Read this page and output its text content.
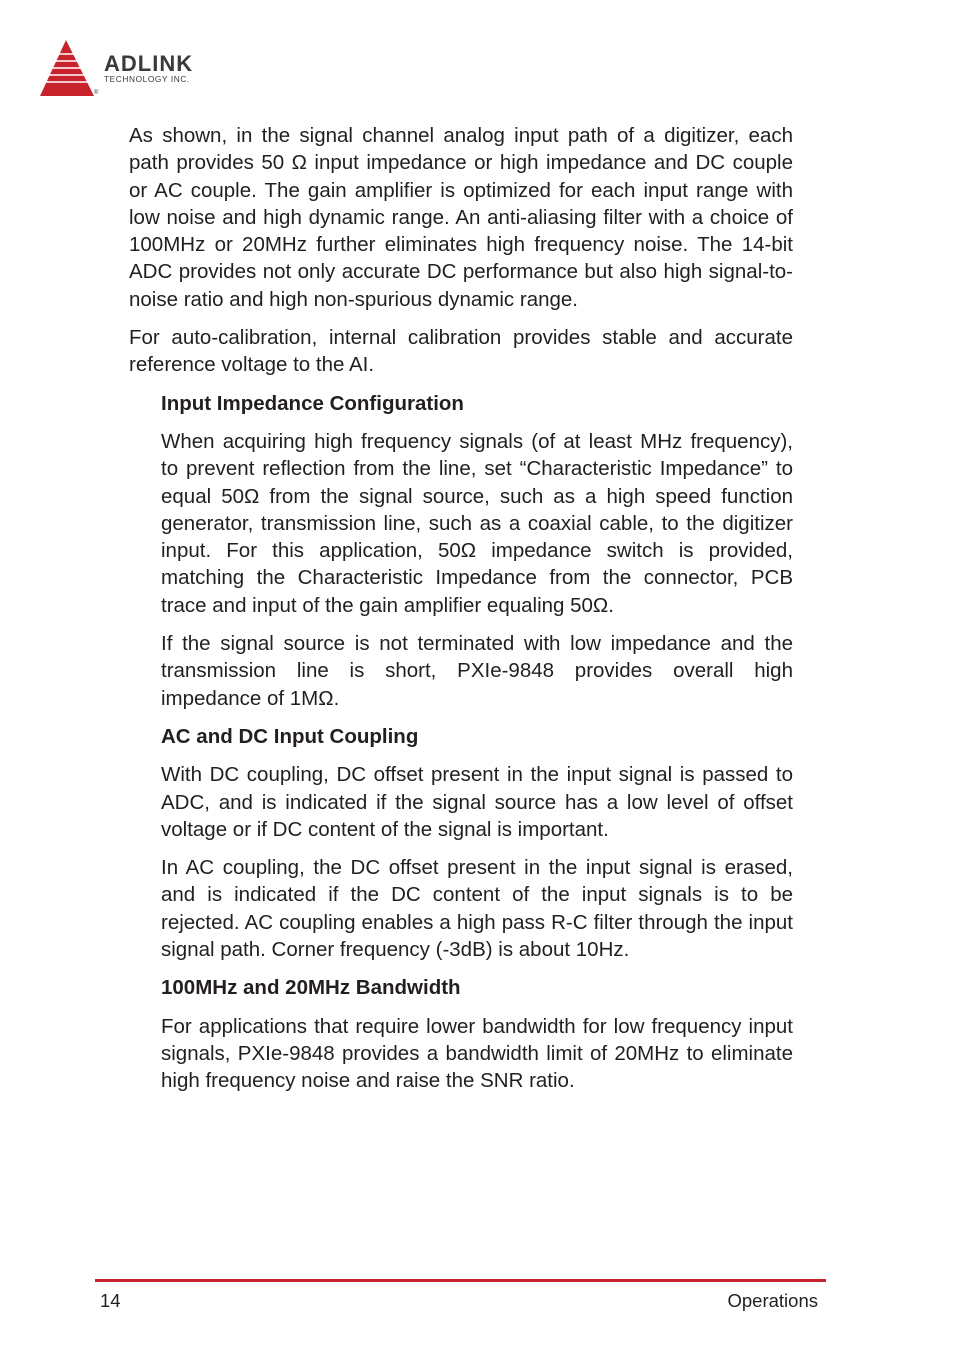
ADLINK
TECHNOLOGY INC.
®

As shown, in the signal channel analog input path of a digitizer, each path provides 50 Ω input impedance or high impedance and DC couple or AC couple. The gain amplifier is optimized for each input range with low noise and high dynamic range. An anti-aliasing filter with a choice of 100MHz or 20MHz further eliminates high frequency noise. The 14-bit ADC provides not only accurate DC performance but also high signal-to-noise ratio and high non-spurious dynamic range.

For auto-calibration, internal calibration provides stable and accurate reference voltage to the AI.

Input Impedance Configuration

When acquiring high frequency signals (of at least MHz frequency), to prevent reflection from the line, set “Characteristic Impedance” to equal 50Ω from the signal source, such as a high speed function generator, transmission line, such as a coaxial cable, to the digitizer input. For this application, 50Ω impedance switch is provided, matching the Characteristic Impedance from the connector, PCB trace and input of the gain amplifier equaling 50Ω.

If the signal source is not terminated with low impedance and the transmission line is short, PXIe-9848 provides overall high impedance of 1MΩ.

AC and DC Input Coupling

With DC coupling, DC offset present in the input signal is passed to ADC, and is indicated if the signal source has a low level of offset voltage or if DC content of the signal is important.

In AC coupling, the DC offset present in the input signal is erased, and is indicated if the DC content of the input signals is to be rejected. AC coupling enables a high pass R-C filter through the input signal path. Corner frequency (-3dB) is about 10Hz.

100MHz and 20MHz Bandwidth

For applications that require lower bandwidth for low frequency input signals, PXIe-9848 provides a bandwidth limit of 20MHz to eliminate high frequency noise and raise the SNR ratio.

14	Operations
